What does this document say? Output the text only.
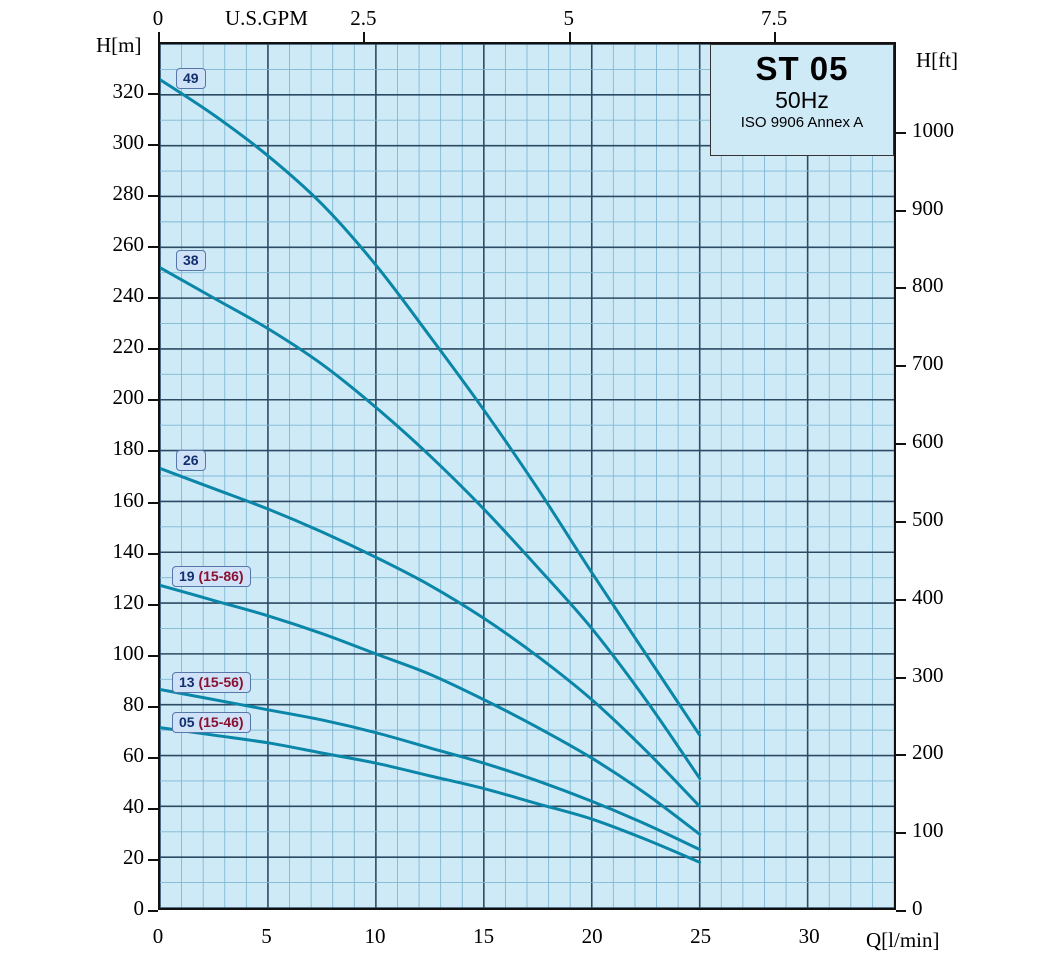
U.S.GPM
H[m]
H[ft]
Q[l/min]
ST 05
50Hz
ISO 9906 Annex A
0
20
40
60
80
100
120
140
160
180
200
220
240
260
280
300
320
0
100
200
300
400
500
600
700
800
900
1000
0	5	10	15	20	25	30
0	2.5	5	7.5
49
38
26
19 (15-86)
13 (15-56)
05 (15-46)
